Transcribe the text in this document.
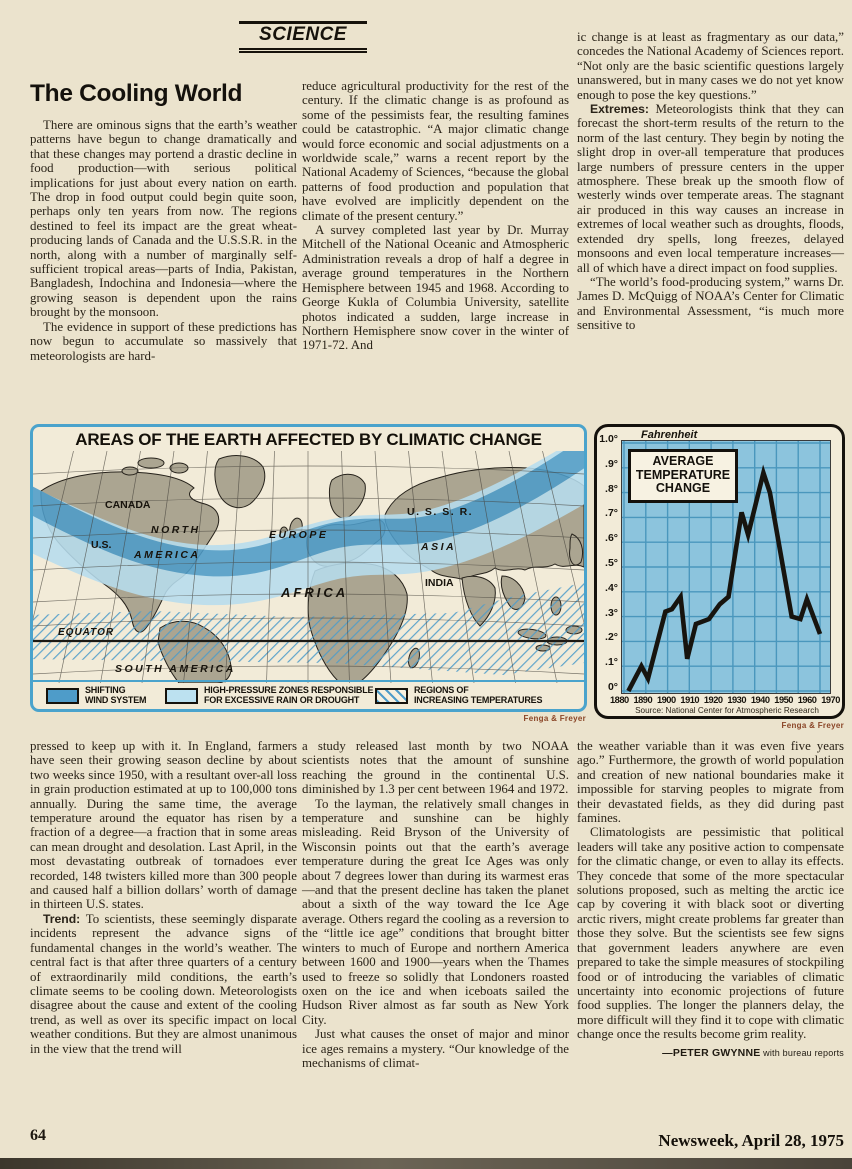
SCIENCE
The Cooling World

There are ominous signs that the earth’s weather patterns have begun to change dramatically and that these changes may portend a drastic decline in food production—with serious political implications for just about every nation on earth. The drop in food output could begin quite soon, perhaps only ten years from now. The regions destined to feel its impact are the great wheat-producing lands of Canada and the U.S.S.R. in the north, along with a number of marginally self-sufficient tropical areas—parts of India, Pakistan, Bangladesh, Indochina and Indonesia—where the growing season is dependent upon the rains brought by the monsoon.

The evidence in support of these predictions has now begun to accumulate so massively that meteorologists are hard-

reduce agricultural productivity for the rest of the century. If the climatic change is as profound as some of the pessimists fear, the resulting famines could be catastrophic. “A major climatic change would force economic and social adjustments on a worldwide scale,” warns a recent report by the National Academy of Sciences, “because the global patterns of food production and population that have evolved are implicitly dependent on the climate of the present century.”

A survey completed last year by Dr. Murray Mitchell of the National Oceanic and Atmospheric Administration reveals a drop of half a degree in average ground temperatures in the Northern Hemisphere between 1945 and 1968. According to George Kukla of Columbia University, satellite photos indicated a sudden, large increase in Northern Hemisphere snow cover in the winter of 1971-72. And

ic change is at least as fragmentary as our data,” concedes the National Academy of Sciences report. “Not only are the basic scientific questions largely unanswered, but in many cases we do not yet know enough to pose the key questions.”

Extremes: Meteorologists think that they can forecast the short-term results of the return to the norm of the last century. They begin by noting the slight drop in over-all temperature that produces large numbers of pressure centers in the upper atmosphere. These break up the smooth flow of westerly winds over temperate areas. The stagnant air produced in this way causes an increase in extremes of local weather such as droughts, floods, extended dry spells, long freezes, delayed monsoons and even local temperature increases—all of which have a direct impact on food supplies.

“The world’s food-producing system,” warns Dr. James D. McQuigg of NOAA’s Center for Climatic and Environmental Assessment, “is much more sensitive to

AREAS OF THE EARTH AFFECTED BY CLIMATIC CHANGE
CANADA
U.S.
NORTH
AMERICA
EUROPE
U. S. S. R.
ASIA
AFRICA
INDIA
EQUATOR
SOUTH AMERICA
SHIFTING
WIND SYSTEM
HIGH-PRESSURE ZONES RESPONSIBLE
FOR EXCESSIVE RAIN OR DROUGHT
REGIONS OF
INCREASING TEMPERATURES
Fenga & Freyer
Fahrenheit
1.0°
.9°
.8°
.7°
.6°
.5°
.4°
.3°
.2°
.1°
0°
AVERAGE
TEMPERATURE
CHANGE
1880 1890 1900 1910 1920 1930 1940 1950 1960 1970
Source: National Center for Atmospheric Research
Fenga & Freyer

pressed to keep up with it. In England, farmers have seen their growing season decline by about two weeks since 1950, with a resultant over-all loss in grain production estimated at up to 100,000 tons annually. During the same time, the average temperature around the equator has risen by a fraction of a degree—a fraction that in some areas can mean drought and desolation. Last April, in the most devastating outbreak of tornadoes ever recorded, 148 twisters killed more than 300 people and caused half a billion dollars’ worth of damage in thirteen U.S. states.

Trend: To scientists, these seemingly disparate incidents represent the advance signs of fundamental changes in the world’s weather. The central fact is that after three quarters of a century of extraordinarily mild conditions, the earth’s climate seems to be cooling down. Meteorologists disagree about the cause and extent of the cooling trend, as well as over its specific impact on local weather conditions. But they are almost unanimous in the view that the trend will

a study released last month by two NOAA scientists notes that the amount of sunshine reaching the ground in the continental U.S. diminished by 1.3 per cent between 1964 and 1972.

To the layman, the relatively small changes in temperature and sunshine can be highly misleading. Reid Bryson of the University of Wisconsin points out that the earth’s average temperature during the great Ice Ages was only about 7 degrees lower than during its warmest eras—and that the present decline has taken the planet about a sixth of the way toward the Ice Age average. Others regard the cooling as a reversion to the “little ice age” conditions that brought bitter winters to much of Europe and northern America between 1600 and 1900—years when the Thames used to freeze so solidly that Londoners roasted oxen on the ice and when iceboats sailed the Hudson River almost as far south as New York City.

Just what causes the onset of major and minor ice ages remains a mystery. “Our knowledge of the mechanisms of climat-

the weather variable than it was even five years ago.” Furthermore, the growth of world population and creation of new national boundaries make it impossible for starving peoples to migrate from their devastated fields, as they did during past famines.

Climatologists are pessimistic that political leaders will take any positive action to compensate for the climatic change, or even to allay its effects. They concede that some of the more spectacular solutions proposed, such as melting the arctic ice cap by covering it with black soot or diverting arctic rivers, might create problems far greater than those they solve. But the scientists see few signs that government leaders anywhere are even prepared to take the simple measures of stockpiling food or of introducing the variables of climatic uncertainty into economic projections of future food supplies. The longer the planners delay, the more difficult will they find it to cope with climatic change once the results become grim reality.

—PETER GWYNNE with bureau reports
64	Newsweek, April 28, 1975
